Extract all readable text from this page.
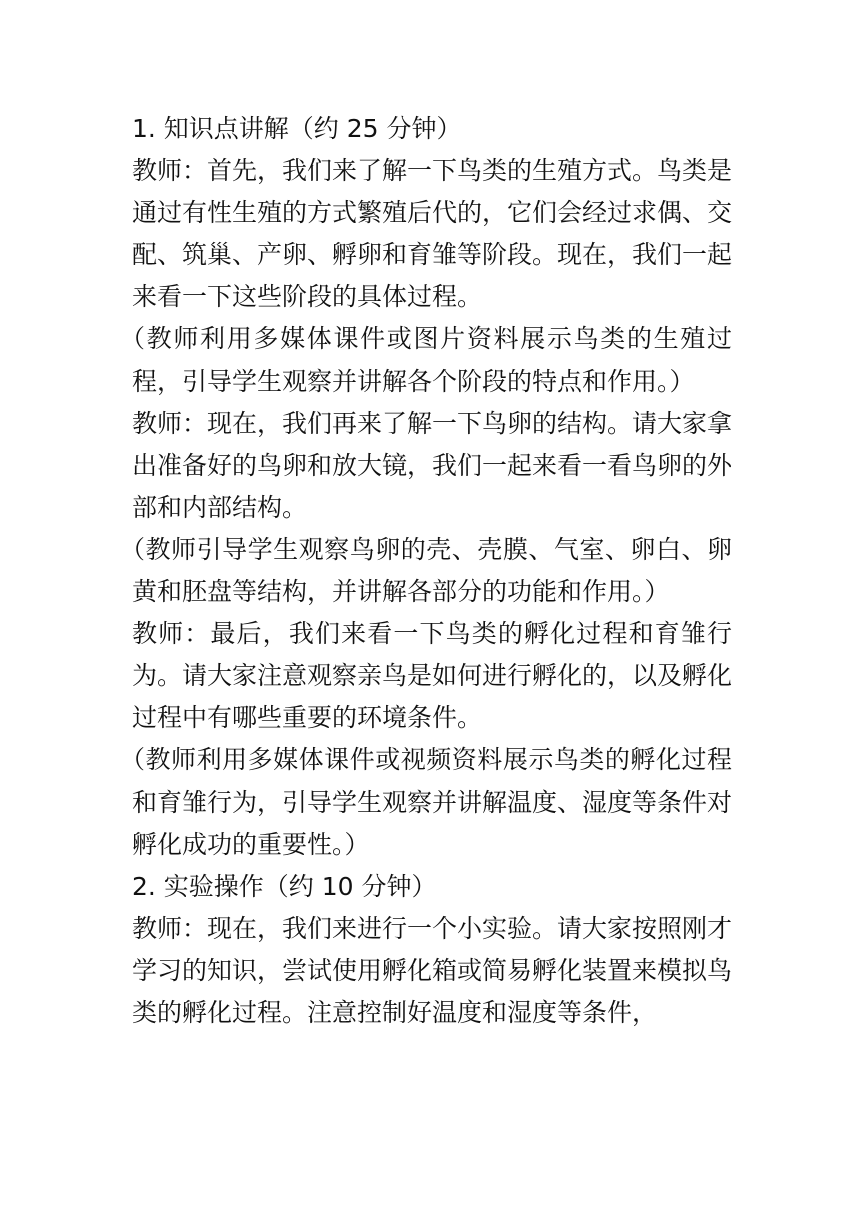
1. 知识点讲解（约 25 分钟）

教师：首先，我们来了解一下鸟类的生殖方式。鸟类是通过有性生殖的方式繁殖后代的，它们会经过求偶、交配、筑巢、产卵、孵卵和育雏等阶段。现在，我们一起来看一下这些阶段的具体过程。

（教师利用多媒体课件或图片资料展示鸟类的生殖过程，引导学生观察并讲解各个阶段的特点和作用。）

教师：现在，我们再来了解一下鸟卵的结构。请大家拿出准备好的鸟卵和放大镜，我们一起来看一看鸟卵的外部和内部结构。

（教师引导学生观察鸟卵的壳、壳膜、气室、卵白、卵黄和胚盘等结构，并讲解各部分的功能和作用。）

教师：最后，我们来看一下鸟类的孵化过程和育雏行为。请大家注意观察亲鸟是如何进行孵化的，以及孵化过程中有哪些重要的环境条件。

（教师利用多媒体课件或视频资料展示鸟类的孵化过程和育雏行为，引导学生观察并讲解温度、湿度等条件对孵化成功的重要性。）

2. 实验操作（约 10 分钟）

教师：现在，我们来进行一个小实验。请大家按照刚才学习的知识，尝试使用孵化箱或简易孵化装置来模拟鸟类的孵化过程。注意控制好温度和湿度等条件，
